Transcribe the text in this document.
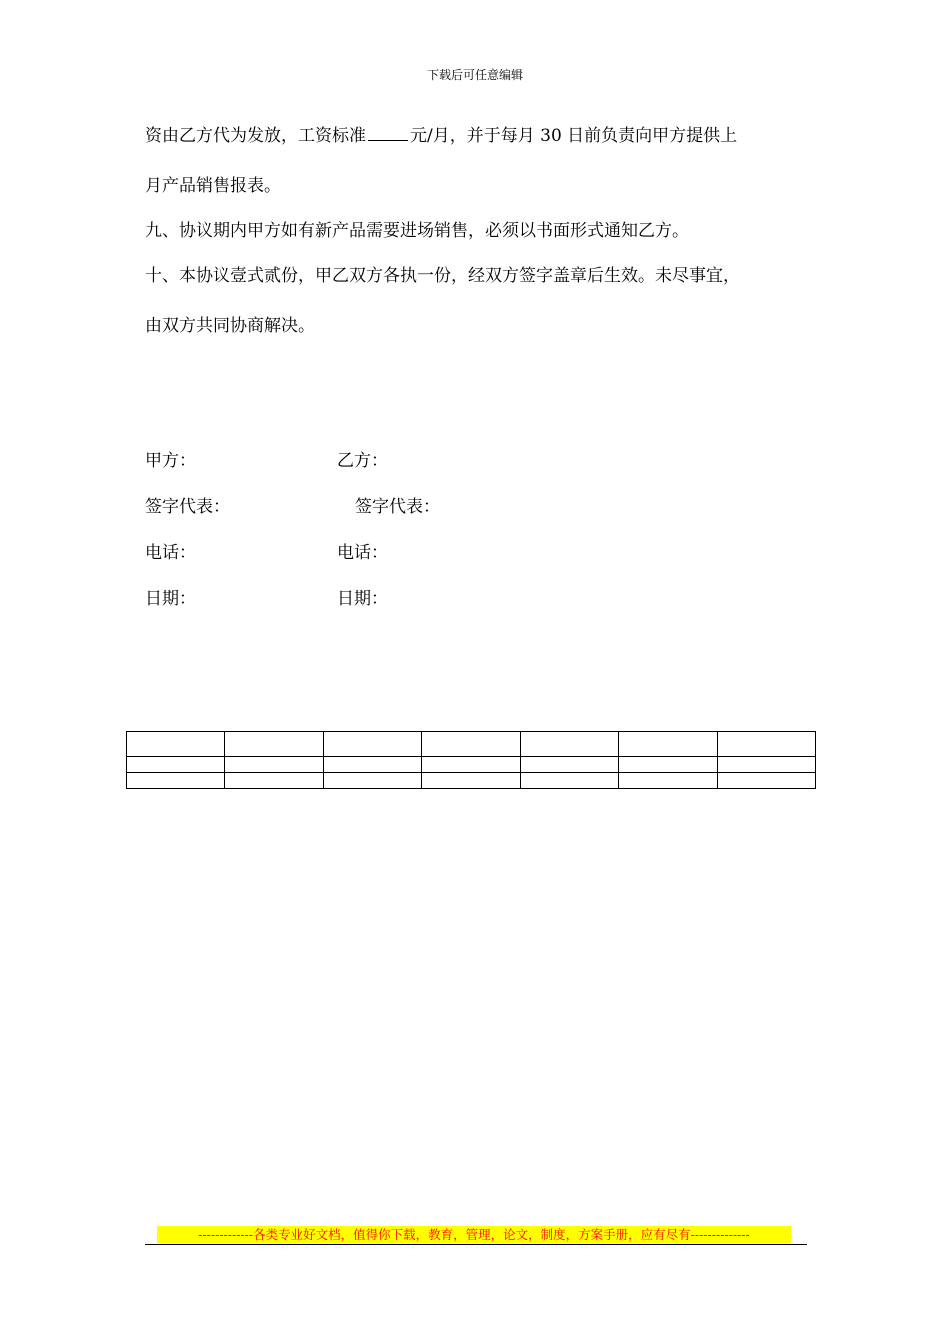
下载后可任意编辑
资由乙方代为发放，工资标准	元/月，并于每月 30 日前负责向甲方提供上
月产品销售报表。
九、协议期内甲方如有新产品需要进场销售，必须以书面形式通知乙方。
十、本协议壹式贰份，甲乙双方各执一份，经双方签字盖章后生效。未尽事宜，
由双方共同协商解决。
甲方：	乙方：
签字代表：	签字代表：
电话：	电话：
日期：	日期：

-------------各类专业好文档，值得你下载，教育，管理，论文，制度，方案手册，应有尽有--------------
